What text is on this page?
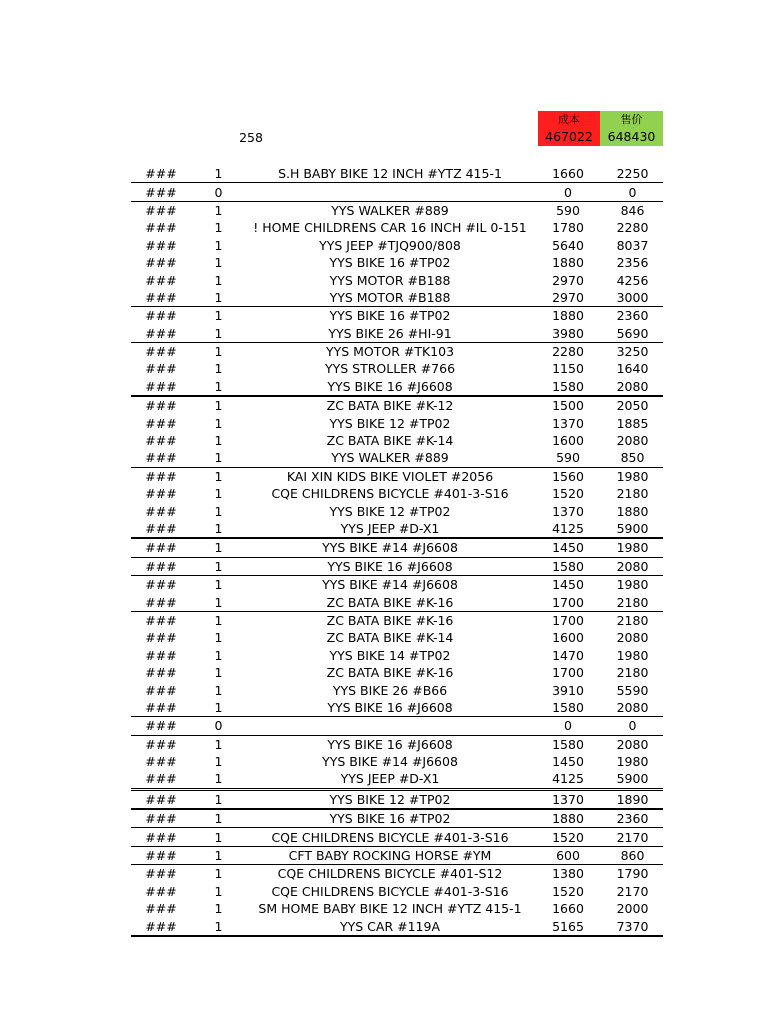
258
成本
467022
售价
648430
###	1	S.H BABY BIKE 12 INCH #YTZ 415-1	1660	2250
###	0		0	0
###	1	YYS WALKER #889	590	846
###	1	! HOME CHILDRENS CAR 16 INCH #IL 0-151	1780	2280
###	1	YYS JEEP #TJQ900/808	5640	8037
###	1	YYS BIKE 16 #TP02	1880	2356
###	1	YYS MOTOR #B188	2970	4256
###	1	YYS MOTOR #B188	2970	3000
###	1	YYS BIKE 16 #TP02	1880	2360
###	1	YYS BIKE 26 #HI-91	3980	5690
###	1	YYS MOTOR #TK103	2280	3250
###	1	YYS STROLLER #766	1150	1640
###	1	YYS BIKE 16 #J6608	1580	2080
###	1	ZC BATA BIKE #K-12	1500	2050
###	1	YYS BIKE 12 #TP02	1370	1885
###	1	ZC BATA BIKE #K-14	1600	2080
###	1	YYS WALKER #889	590	850
###	1	KAI XIN KIDS BIKE VIOLET #2056	1560	1980
###	1	CQE CHILDRENS BICYCLE #401-3-S16	1520	2180
###	1	YYS BIKE 12 #TP02	1370	1880
###	1	YYS JEEP #D-X1	4125	5900
###	1	YYS BIKE #14 #J6608	1450	1980
###	1	YYS BIKE 16 #J6608	1580	2080
###	1	YYS BIKE #14 #J6608	1450	1980
###	1	ZC BATA BIKE #K-16	1700	2180
###	1	ZC BATA BIKE #K-16	1700	2180
###	1	ZC BATA BIKE #K-14	1600	2080
###	1	YYS BIKE 14 #TP02	1470	1980
###	1	ZC BATA BIKE #K-16	1700	2180
###	1	YYS BIKE 26 #B66	3910	5590
###	1	YYS BIKE 16 #J6608	1580	2080
###	0		0	0
###	1	YYS BIKE 16 #J6608	1580	2080
###	1	YYS BIKE #14 #J6608	1450	1980
###	1	YYS JEEP #D-X1	4125	5900
###	1	YYS BIKE 12 #TP02	1370	1890
###	1	YYS BIKE 16 #TP02	1880	2360
###	1	CQE CHILDRENS BICYCLE #401-3-S16	1520	2170
###	1	CFT BABY ROCKING HORSE #YM	600	860
###	1	CQE CHILDRENS BICYCLE #401-S12	1380	1790
###	1	CQE CHILDRENS BICYCLE #401-3-S16	1520	2170
###	1	SM HOME BABY BIKE 12 INCH #YTZ 415-1	1660	2000
###	1	YYS CAR #119A	5165	7370
